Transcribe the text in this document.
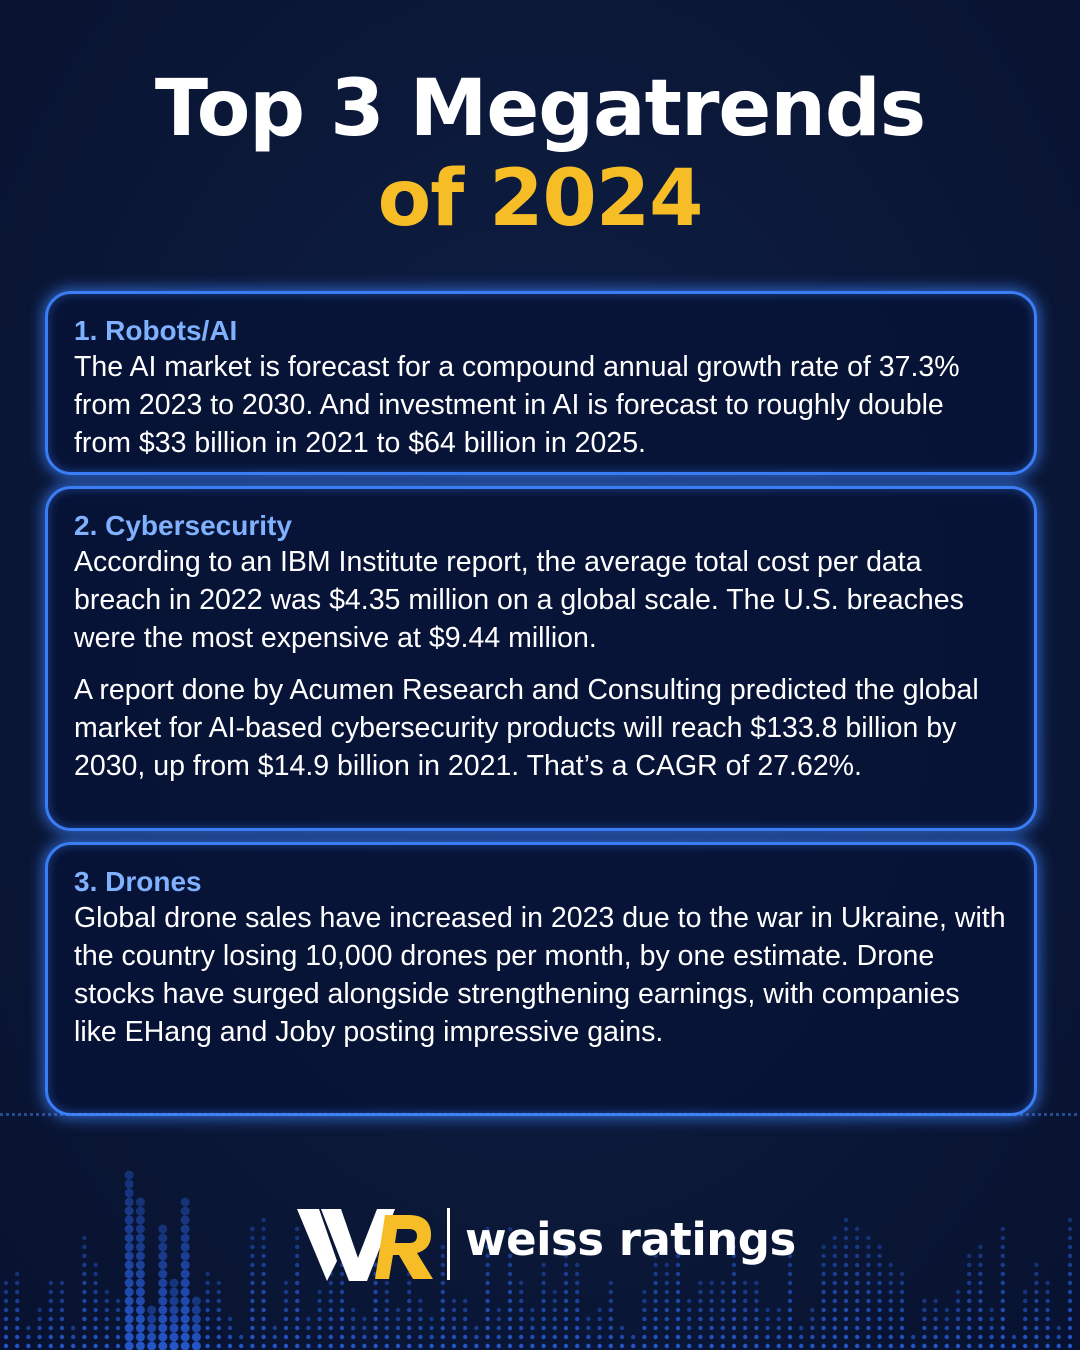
Top 3 Megatrends
of 2024
1. Robots/AI

The AI market is forecast for a compound annual growth rate of 37.3% from 2023 to 2030. And investment in AI is forecast to roughly double from $33 billion in 2021 to $64 billion in 2025.

2. Cybersecurity

According to an IBM Institute report, the average total cost per data breach in 2022 was $4.35 million on a global scale. The U.S. breaches were the most expensive at $9.44 million.

A report done by Acumen Research and Consulting predicted the global market for AI-based cybersecurity products will reach $133.8 billion by 2030, up from $14.9 billion in 2021. That’s a CAGR of 27.62%.

3. Drones

Global drone sales have increased in 2023 due to the war in Ukraine, with the country losing 10,000 drones per month, by one estimate. Drone stocks have surged alongside strengthening earnings, with companies like EHang and Joby posting impressive gains.

weiss ratings
